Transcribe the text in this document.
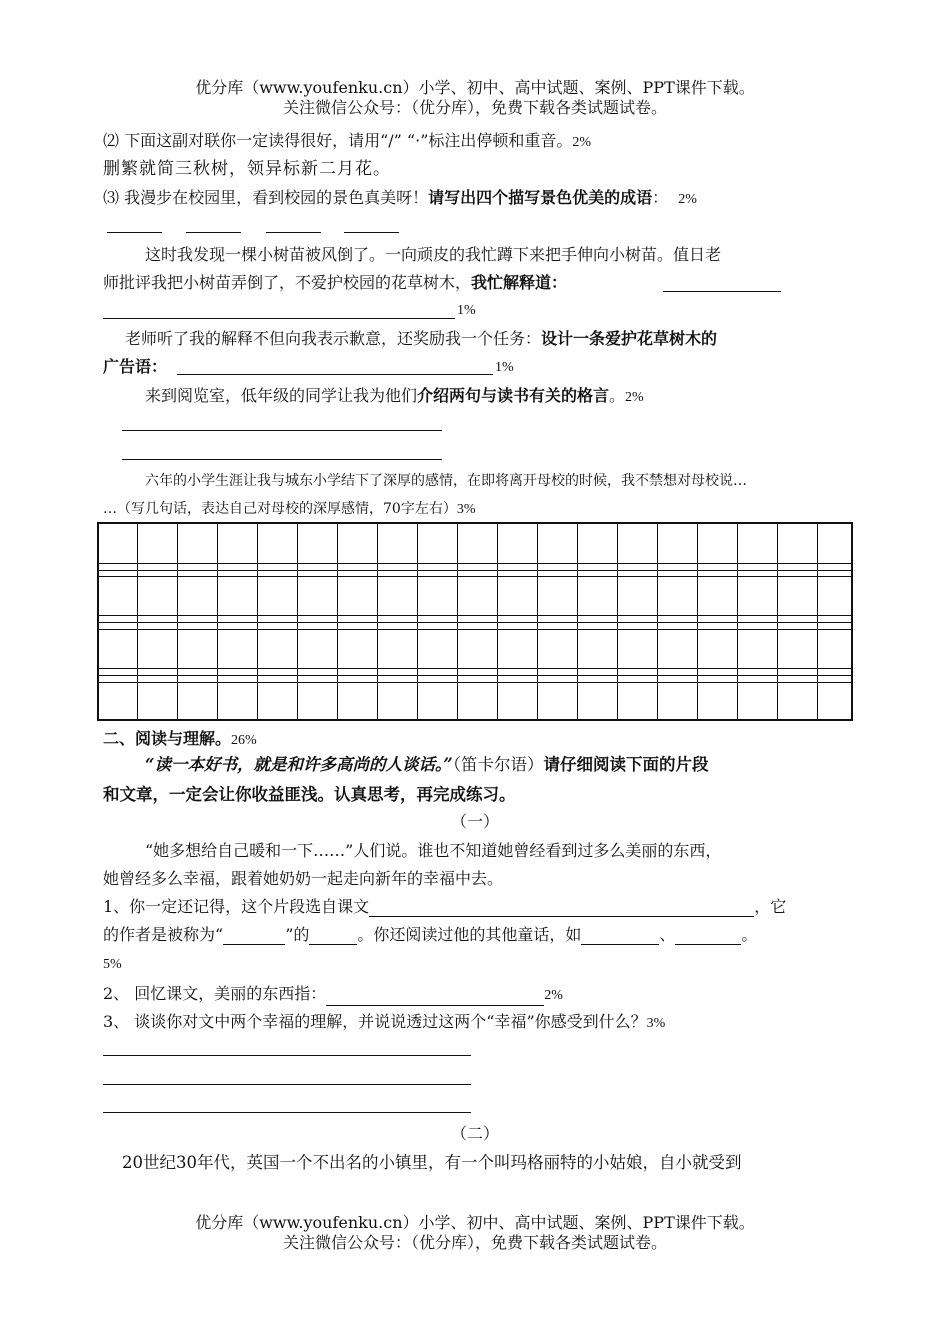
优分库（www.youfenku.cn）小学、初中、高中试题、案例、PPT课件下载。
关注微信公众号：（优分库），免费下载各类试题试卷。
⑵ 下面这副对联你一定读得很好，请用“/” “·”标注出停顿和重音。2%
删繁就简三秋树，领异标新二月花。
⑶ 我漫步在校园里，看到校园的景色真美呀！请写出四个描写景色优美的成语： 2%
这时我发现一棵小树苗被风倒了。一向顽皮的我忙蹲下来把手伸向小树苗。值日老
师批评我把小树苗弄倒了，不爱护校园的花草树木，我忙解释道：
1%
老师听了我的解释不但向我表示歉意，还奖励我一个任务：设计一条爱护花草树木的
广告语：	1%
来到阅览室，低年级的同学让我为他们介绍两句与读书有关的格言。2%
六年的小学生涯让我与城东小学结下了深厚的感情，在即将离开母校的时候，我不禁想对母校说…
…（写几句话，表达自己对母校的深厚感情，70字左右）3%
二、阅读与理解。26%
“读一本好书，就是和许多高尚的人谈话。”（笛卡尔语）请仔细阅读下面的片段
和文章，一定会让你收益匪浅。认真思考，再完成练习。
（一）
“她多想给自己暖和一下……”人们说。谁也不知道她曾经看到过多么美丽的东西，
她曾经多么幸福，跟着她奶奶一起走向新年的幸福中去。
1、你一定还记得，这个片段选自课文	，它
的作者是被称为“	”的	。你还阅读过他的其他童话，如	、	。
5%
2、 回忆课文，美丽的东西指：	2%
3、 谈谈你对文中两个幸福的理解，并说说透过这两个“幸福”你感受到什么？3%
（二）
20世纪30年代，英国一个不出名的小镇里，有一个叫玛格丽特的小姑娘，自小就受到
优分库（www.youfenku.cn）小学、初中、高中试题、案例、PPT课件下载。
关注微信公众号：（优分库），免费下载各类试题试卷。
